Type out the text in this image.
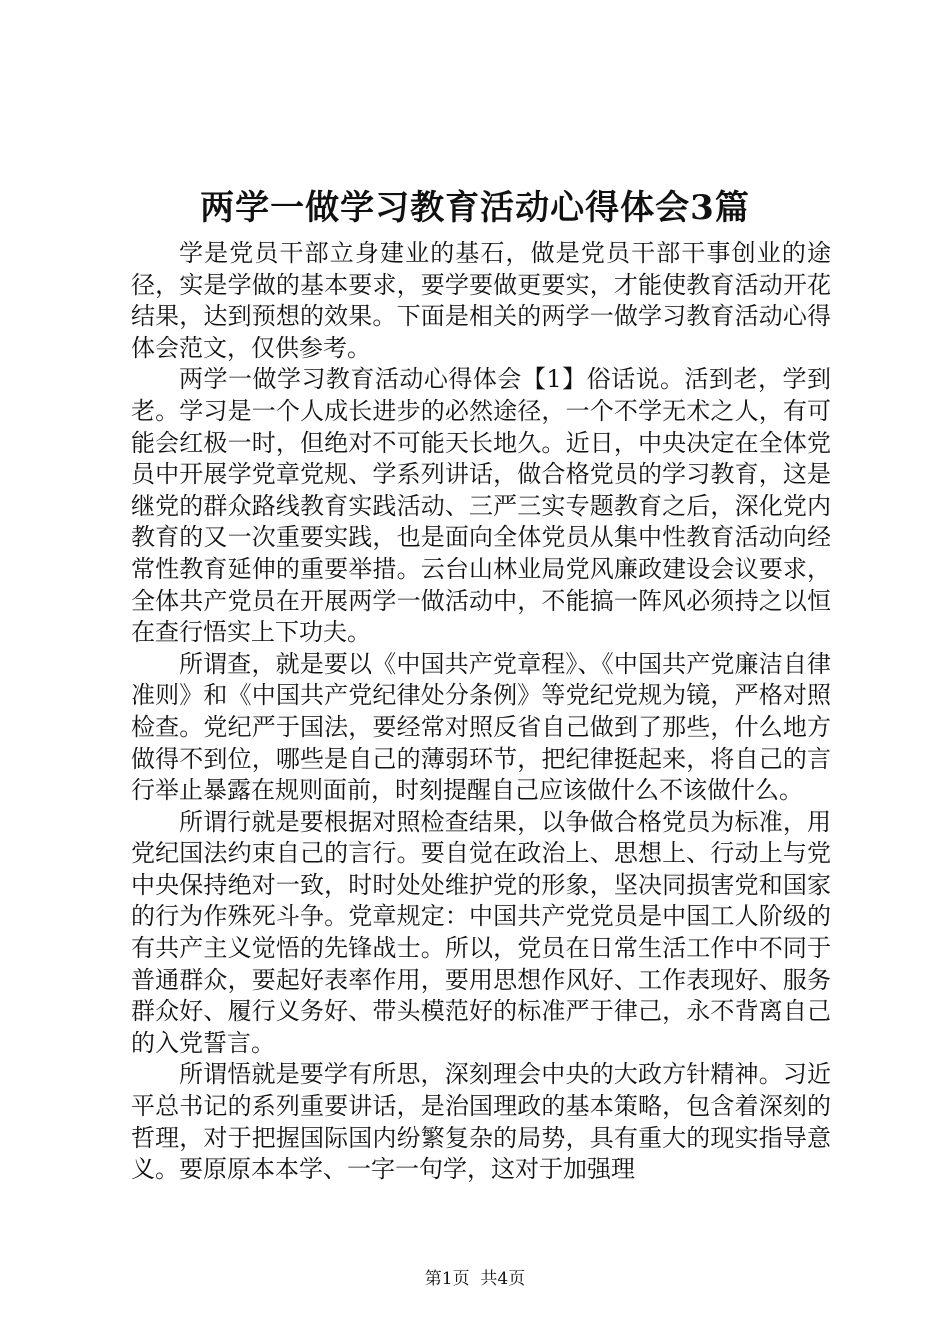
两学一做学习教育活动心得体会3篇

学是党员干部立身建业的基石，做是党员干部干事创业的途径，实是学做的基本要求，要学要做更要实，才能使教育活动开花结果，达到预想的效果。下面是相关的两学一做学习教育活动心得体会范文，仅供参考。

两学一做学习教育活动心得体会【1】俗话说。活到老，学到老。学习是一个人成长进步的必然途径，一个不学无术之人，有可能会红极一时，但绝对不可能天长地久。近日，中央决定在全体党员中开展学党章党规、学系列讲话，做合格党员的学习教育，这是继党的群众路线教育实践活动、三严三实专题教育之后，深化党内教育的又一次重要实践，也是面向全体党员从集中性教育活动向经常性教育延伸的重要举措。云台山林业局党风廉政建设会议要求，全体共产党员在开展两学一做活动中，不能搞一阵风必须持之以恒在查行悟实上下功夫。

所谓查，就是要以《中国共产党章程》、《中国共产党廉洁自律准则》和《中国共产党纪律处分条例》等党纪党规为镜，严格对照检查。党纪严于国法，要经常对照反省自己做到了那些，什么地方做得不到位，哪些是自己的薄弱环节，把纪律挺起来，将自己的言行举止暴露在规则面前，时刻提醒自己应该做什么不该做什么。

所谓行就是要根据对照检查结果，以争做合格党员为标准，用党纪国法约束自己的言行。要自觉在政治上、思想上、行动上与党中央保持绝对一致，时时处处维护党的形象，坚决同损害党和国家的行为作殊死斗争。党章规定：中国共产党党员是中国工人阶级的有共产主义觉悟的先锋战士。所以，党员在日常生活工作中不同于普通群众，要起好表率作用，要用思想作风好、工作表现好、服务群众好、履行义务好、带头模范好的标准严于律己，永不背离自己的入党誓言。

所谓悟就是要学有所思，深刻理会中央的大政方针精神。习近平总书记的系列重要讲话，是治国理政的基本策略，包含着深刻的哲理，对于把握国际国内纷繁复杂的局势，具有重大的现实指导意义。要原原本本学、一字一句学，这对于加强理

第1页 共4页
